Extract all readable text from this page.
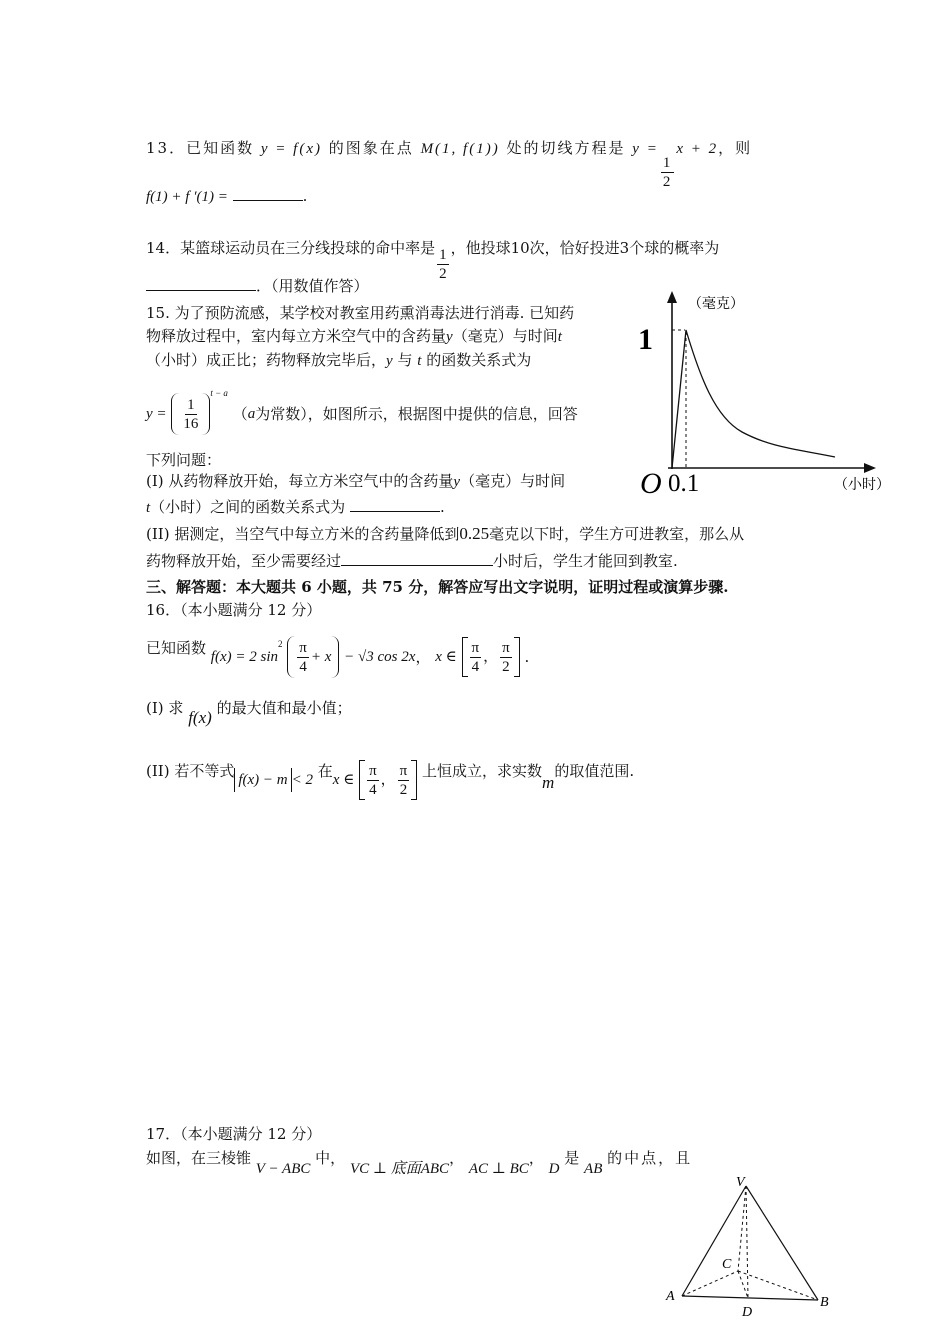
13．已知函数 y = f(x) 的图象在点 M(1, f(1)) 处的切线方程是 y =
$\frac{1}{2}$
x + 2，则
f(1) + f ′(1) =	.
14．某篮球运动员在三分线投球的命中率是 $\frac{1}{2}$ ，他投球10次，恰好投进3个球的概率为
．（用数值作答）
15. 为了预防流感，某学校对教室用药熏消毒法进行消毒. 已知药
物释放过程中，室内每立方米空气中的含药量y（毫克）与时间t
（小时）成正比；药物释放完毕后，y 与 t 的函数关系式为
$y = \frac{1}{16}$
$^{t - a}$ （a为常数），如图所示，根据图中提供的信息，回答
下列问题：
(I) 从药物释放开始，每立方米空气中的含药量y（毫克）与时间
t（小时）之间的函数关系式为	.
(II) 据测定，当空气中每立方米的含药量降低到0.25毫克以下时，学生方可进教室，那么从
药物释放开始，至少需要经过	小时后，学生才能回到教室.
（毫克）
1
O 0.1	（小时）
三、解答题：本大题共 6 小题，共 75 分，解答应写出文字说明，证明过程或演算步骤.
16．（本小题满分 12 分）
已知函数 f(x) = 2 $\sin^2 \frac{\pi}{4} + x - √3$ cos 2x， x ∈ $\frac{\pi}{4}$ ， $\frac{\pi}{2}$ .
(I) 求 f(x) 的最大值和最小值；
(II) 若不等式 f(x) − m < 2 在x ∈ $\frac{\pi}{4}$ ， $\frac{\pi}{2}$ 上恒成立，求实数m的取值范围.
17．（本小题满分 12 分）
如图，在三棱锥 V − ABC 中， VC ⊥ 底面ABC， AC ⊥ BC， D 是 AB 的中点，且
V
C
A
D
B
